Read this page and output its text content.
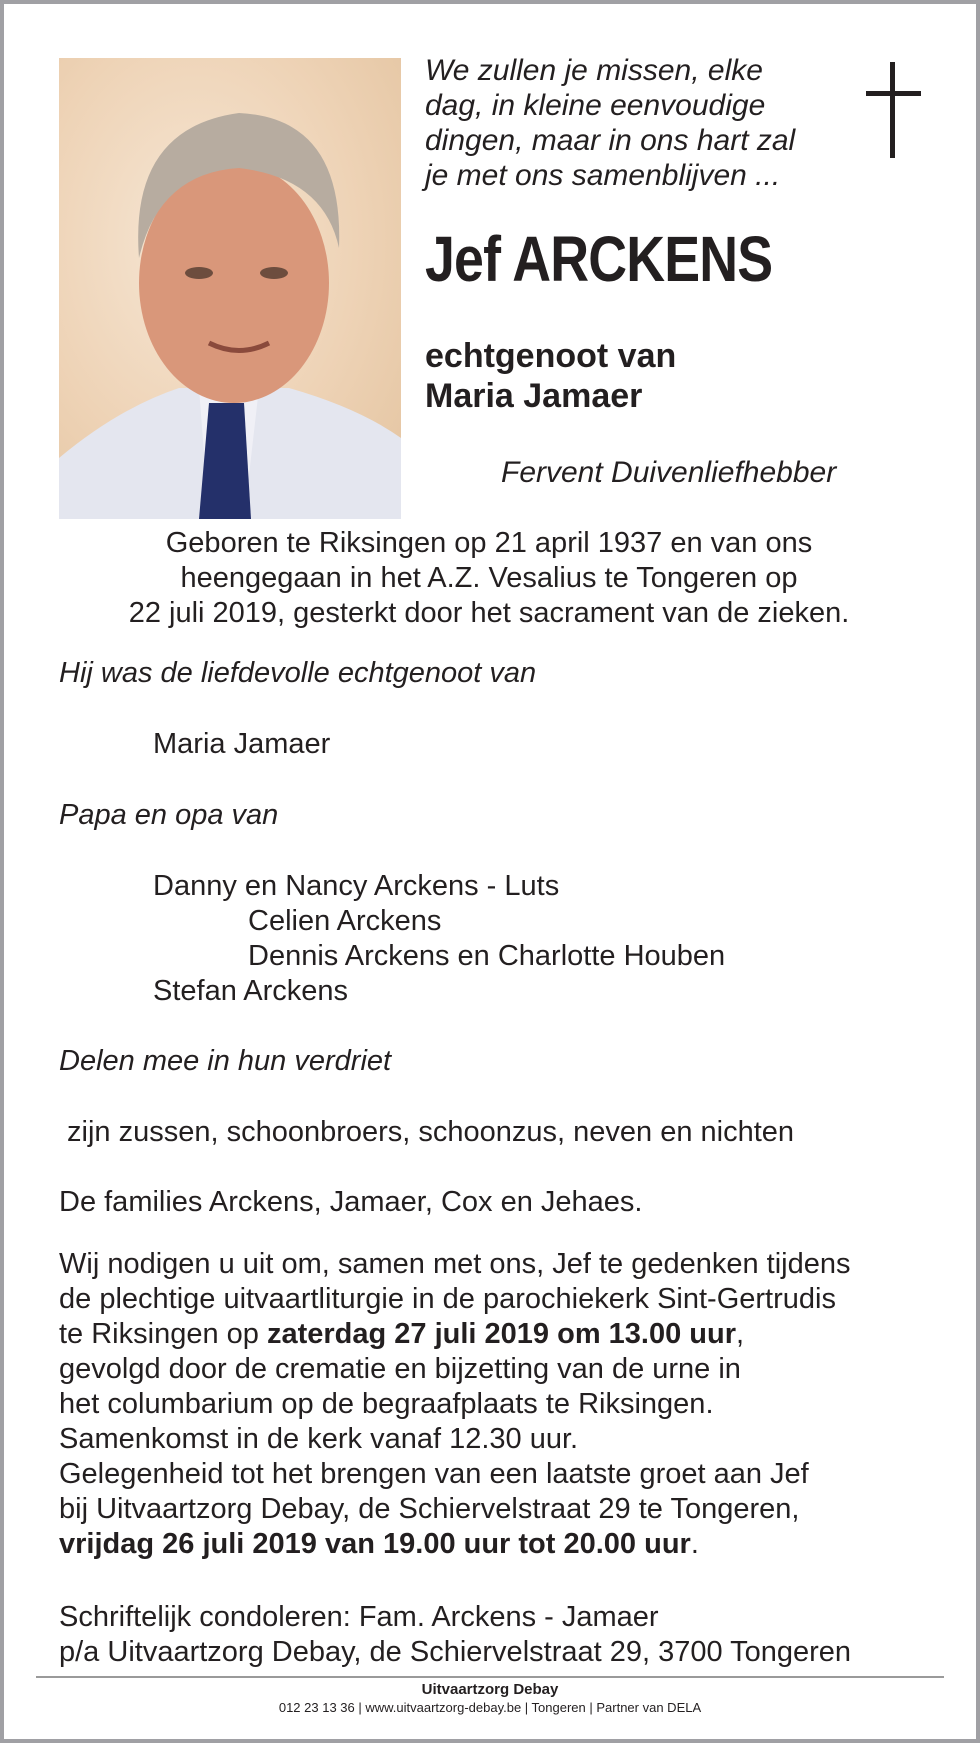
We zullen je missen, elke
dag, in kleine eenvoudige
dingen, maar in ons hart zal
je met ons samenblijven ...
Jef ARCKENS
echtgenoot van
Maria Jamaer
Fervent Duivenliefhebber
Geboren te Riksingen op 21 april 1937 en van ons
heengegaan in het A.Z. Vesalius te Tongeren op
22 juli 2019, gesterkt door het sacrament van de zieken.
Hij was de liefdevolle echtgenoot van
Maria Jamaer
Papa en opa van
Danny en Nancy Arckens - Luts
Celien Arckens
Dennis Arckens en Charlotte Houben
Stefan Arckens
Delen mee in hun verdriet
zijn zussen, schoonbroers, schoonzus, neven en nichten
De families Arckens, Jamaer, Cox en Jehaes.
Wij nodigen u uit om, samen met ons, Jef te gedenken tijdens
de plechtige uitvaartliturgie in de parochiekerk Sint-Gertrudis
te Riksingen op zaterdag 27 juli 2019 om 13.00 uur,
gevolgd door de crematie en bijzetting van de urne in
het columbarium op de begraafplaats te Riksingen.
Samenkomst in de kerk vanaf 12.30 uur.
Gelegenheid tot het brengen van een laatste groet aan Jef
bij Uitvaartzorg Debay, de Schiervelstraat 29 te Tongeren,
vrijdag 26 juli 2019 van 19.00 uur tot 20.00 uur.
Schriftelijk condoleren: Fam. Arckens - Jamaer
p/a Uitvaartzorg Debay, de Schiervelstraat 29, 3700 Tongeren
Uitvaartzorg Debay
012 23 13 36 | www.uitvaartzorg-debay.be | Tongeren | Partner van DELA
